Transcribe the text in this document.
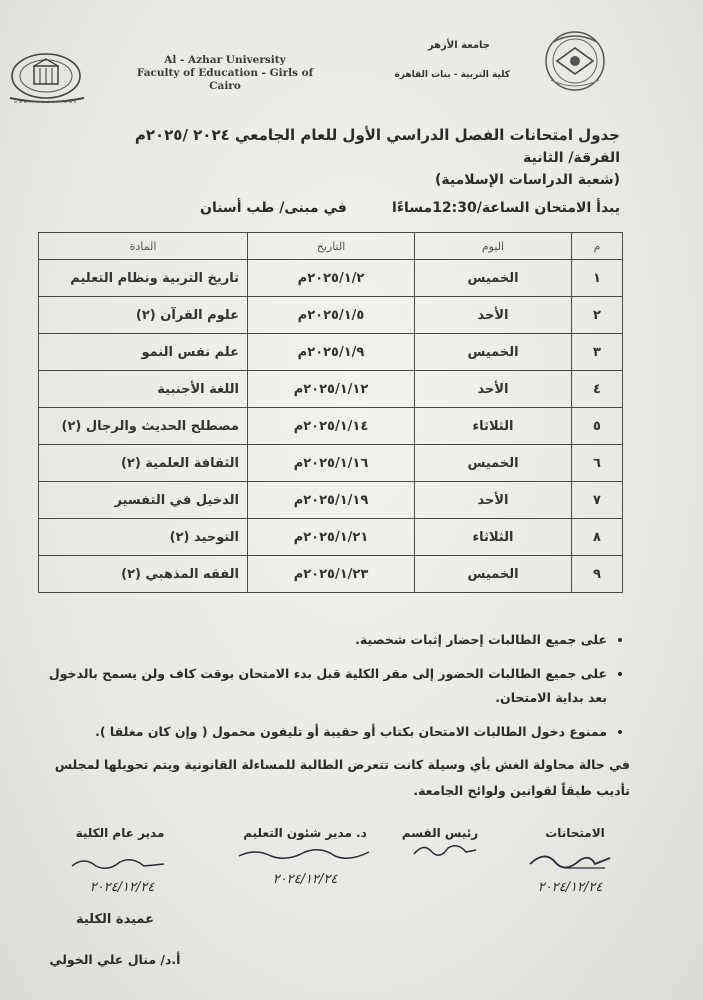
Al - Azhar University
Faculty of Education - Girls of
Cairo
جامعة الأزهر
كلية التربية - بنات القاهرة
جدول امتحانات الفصل الدراسي الأول للعام الجامعي ٢٠٢٤ /٢٠٢٥م
الفرقة/ الثانية
(شعبة الدراسات الإسلامية)
يبدأ الامتحان الساعة/12:30مساءًا
في مبنى/ طب أسنان
م	اليوم	التاريخ	المادة
١	الخميس	٢٠٢٥/١/٢م	تاريخ التربية ونظام التعليم
٢	الأحد	٢٠٢٥/١/٥م	علوم القرآن (٢)
٣	الخميس	٢٠٢٥/١/٩م	علم نفس النمو
٤	الأحد	٢٠٢٥/١/١٢م	اللغة الأجنبية
٥	الثلاثاء	٢٠٢٥/١/١٤م	مصطلح الحديث والرجال (٢)
٦	الخميس	٢٠٢٥/١/١٦م	الثقافة العلمية (٢)
٧	الأحد	٢٠٢٥/١/١٩م	الدخيل في التفسير
٨	الثلاثاء	٢٠٢٥/١/٢١م	التوحيد (٢)
٩	الخميس	٢٠٢٥/١/٢٣م	الفقه المذهبي (٢)
• على جميع الطالبات إحضار إثبات شخصية.
• على جميع الطالبات الحضور إلى مقر الكلية قبل بدء الامتحان بوقت كاف ولن يسمح بالدخول بعد بداية الامتحان.
• ممنوع دخول الطالبات الامتحان بكتاب أو حقيبة أو تليفون محمول ( وإن كان مغلقا ).
في حالة محاولة الغش بأي وسيلة كانت تتعرض الطالبة للمساءلة القانونية ويتم تحويلها لمجلس تأديب طبقاً لقوانين ولوائح الجامعة.
الامتحانات
رئيس القسم
د. مدير شئون التعليم
مدير عام الكلية
٢٠٢٤/١٢/٢٤
٢٠٢٤/١٢/٢٤
٢٠٢٤/١٢/٢٤
عميدة الكلية
أ.د/ منال علي الخولي
